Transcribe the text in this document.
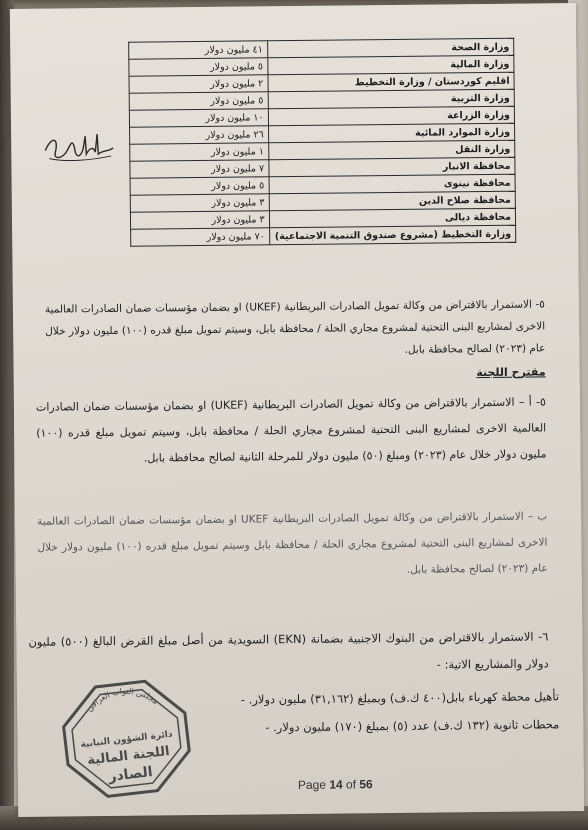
وزارة الصحة	٤١ مليون دولار
وزارة المالية	٥ مليون دولار
اقليم كوردستان / وزارة التخطيط	٢ مليون دولار
وزارة التربية	٥ مليون دولار
وزارة الزراعة	١٠ مليون دولار
وزارة الموارد المائية	٢٦ مليون دولار
وزارة النقل	١ مليون دولار
محافظة الانبار	٧ مليون دولار
محافظة نينوى	٥ مليون دولار
محافظة صلاح الدين	٣ مليون دولار
محافظة ديالى	٣ مليون دولار
وزارة التخطيط (مشروع صندوق التنمية الاجتماعية)	٧٠ مليون دولار
٥- الاستمرار بالاقتراض من وكالة تمويل الصادرات البريطانية (UKEF) او بضمان مؤسسات ضمان الصادرات العالمية الاخرى لمشاريع البنى التحتية لمشروع مجاري الحلة / محافظة بابل، وسيتم تمويل مبلغ قدره (١٠٠) مليون دولار خلال عام (٢٠٢٣) لصالح محافظة بابل.
مقترح اللجنة
٥- أ – الاستمرار بالاقتراض من وكالة تمويل الصادرات البريطانية (UKEF) او بضمان مؤسسات ضمان الصادرات العالمية الاخرى لمشاريع البنى التحتية لمشروع مجاري الحلة / محافظة بابل، وسيتم تمويل مبلغ قدره (١٠٠) مليون دولار خلال عام (٢٠٢٣) ومبلغ (٥٠) مليون دولار للمرحلة الثانية لصالح محافظة بابل.
ب – الاستمرار بالاقتراض من وكالة تمويل الصادرات البريطانية UKEF او بضمان مؤسسات ضمان الصادرات العالمية الاخرى لمشاريع البنى التحتية لمشروع مجاري الحلة / محافظة بابل وسيتم تمويل مبلغ قدره (١٠٠) مليون دولار خلال عام (٢٠٢٣) لصالح محافظة بابل.
٦- الاستمرار بالاقتراض من البنوك الاجنبية بضمانة (EKN) السويدية من أصل مبلغ القرض البالغ (٥٠٠) مليون دولار والمشاريع الاتية: -
تأهيل محطة كهرباء بابل(٤٠٠ ك.ف) وبمبلغ (٣١,١٦٢) مليون دولار. -
محطات ثانوية (١٣٢ ك.ف) عدد (٥) بمبلغ (١٧٠) مليون دولار. -
مجلس النواب العراقي
دائرة الشؤون النيابية
اللجنة المالية
الصادر	Page 14 of 56
